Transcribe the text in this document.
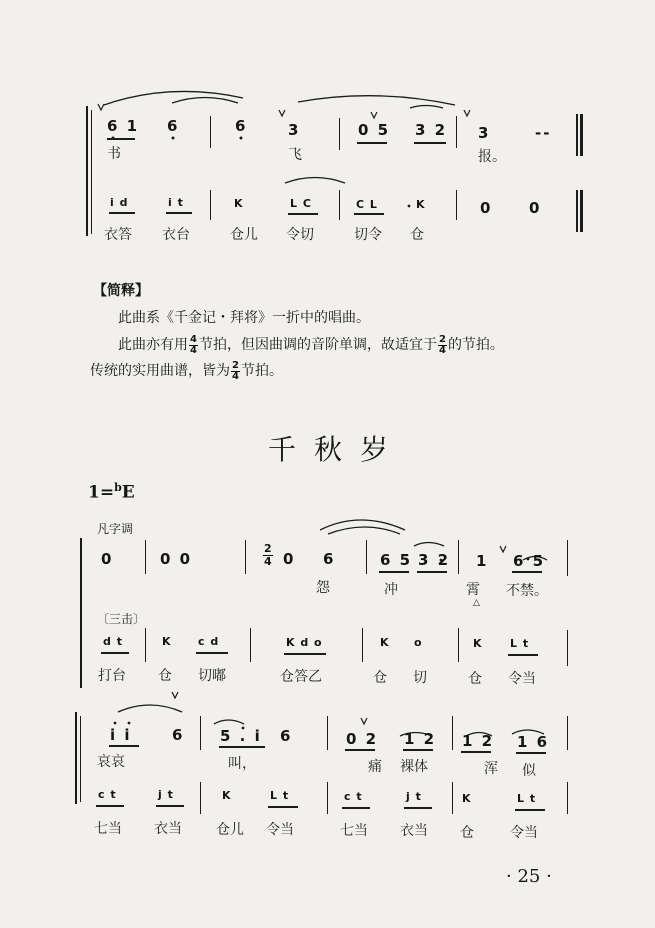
6 1 6	6	3	0 5 3 2 3	--
书	飞	报。
i d	i t	K	L C	C L	K	0 0
衣答 衣台	仓儿 令切	切令 仓
【简释】
此曲系《千金记・拜将》一折中的唱曲。
此曲亦有用 $\frac{4}{4}$ 节拍，但因曲调的音阶单调，故适宜于 $\frac{2}{4}$ 的节拍。
传统的实用曲谱，皆为 $\frac{2}{4}$ 节拍。
千秋岁
1=$^b$E
凡字调
0	0 0	$\frac{2}{4} 0$ 6	6 5 3 2 1 6 5
怨	冲	霄 不禁。
△
〔三击〕
d t	K c d	K d o	K o	K L t
打台 仓 切嘟	仓答乙	仓 切	仓 令当
i i	6 5 . i 6	0 2 1 2 1 2 1 6
哀哀	叫，	痛 裸体	浑 似
c t	j t	K	L t	c t	j t	K	L t
七当 衣当 仓儿 令当	七当 衣当 仓	令当
· 25 ·
